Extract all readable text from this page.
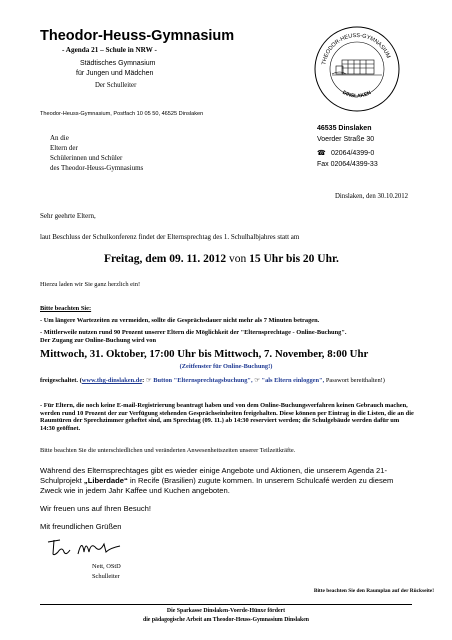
Theodor-Heuss-Gymnasium
- Agenda 21 – Schule in NRW -
Städtisches Gymnasium
für Jungen und Mädchen
Der Schulleiter
THEODOR-HEUSS-GYMNASIUM
DINSLAKEN
Theodor-Heuss-Gymnasium, Postfach 10 05 50, 46525 Dinslaken
An die
Eltern der
Schülerinnen und Schüler
des Theodor-Heuss-Gymnasiums
46535 Dinslaken
Voerder Straße 30
☎ 02064/4399-0
Fax 02064/4399-33
Dinslaken, den 30.10.2012
Sehr geehrte Eltern,
laut Beschluss der Schulkonferenz findet der Elternsprechtag des 1. Schulhalbjahres statt am
Freitag, dem 09. 11. 2012 von 15 Uhr bis 20 Uhr.
Hierzu laden wir Sie ganz herzlich ein!
Bitte beachten Sie:
- Um längere Wartezeiten zu vermeiden, sollte die Gesprächsdauer nicht mehr als 7 Minuten betragen.
- Mittlerweile nutzen rund 90 Prozent unserer Eltern die Möglichkeit der "Elternsprechtage - Online-Buchung".
Der Zugang zur Online-Buchung wird von
Mittwoch, 31. Oktober, 17:00 Uhr bis Mittwoch, 7. November, 8:00 Uhr
(Zeitfenster für Online-Buchung!)
freigeschaltet. (www.thg-dinslaken.de: ☞ Button "Elternsprechtagsbuchung", ☞ "als Eltern einloggen", Passwort bereithalten!)
- Für Eltern, die noch keine E-mail-Registrierung beantragt haben und von dem Online-Buchungsverfahren keinen Gebrauch machen, werden rund 10 Prozent der zur Verfügung stehenden Gesprächseinheiten freigehalten. Diese können per Eintrag in die Listen, die an die Raumtüren der Sprechzimmer geheftet sind, am Sprechtag (09. 11.) ab 14:30 reserviert werden; die Schulgebäude werden dafür um 14:30 geöffnet.
Bitte beachten Sie die unterschiedlichen und veränderten Anwesenheitszeiten unserer Teilzeitkräfte.
Während des Elternsprechtages gibt es wieder einige Angebote und Aktionen, die unserem Agenda 21-Schulprojekt „Liberdade“ in Recife (Brasilien) zugute kommen. In unserem Schulcafé werden zu diesem Zweck wie in jedem Jahr Kaffee und Kuchen angeboten.
Wir freuen uns auf Ihren Besuch!
Mit freundlichen Grüßen
Nett, OStD
Schulleiter
Bitte beachten Sie den Raumplan auf der Rückseite!
Die Sparkasse Dinslaken-Voerde-Hünxe fördert
die pädagogische Arbeit am Theodor-Heuss-Gymnasium Dinslaken
